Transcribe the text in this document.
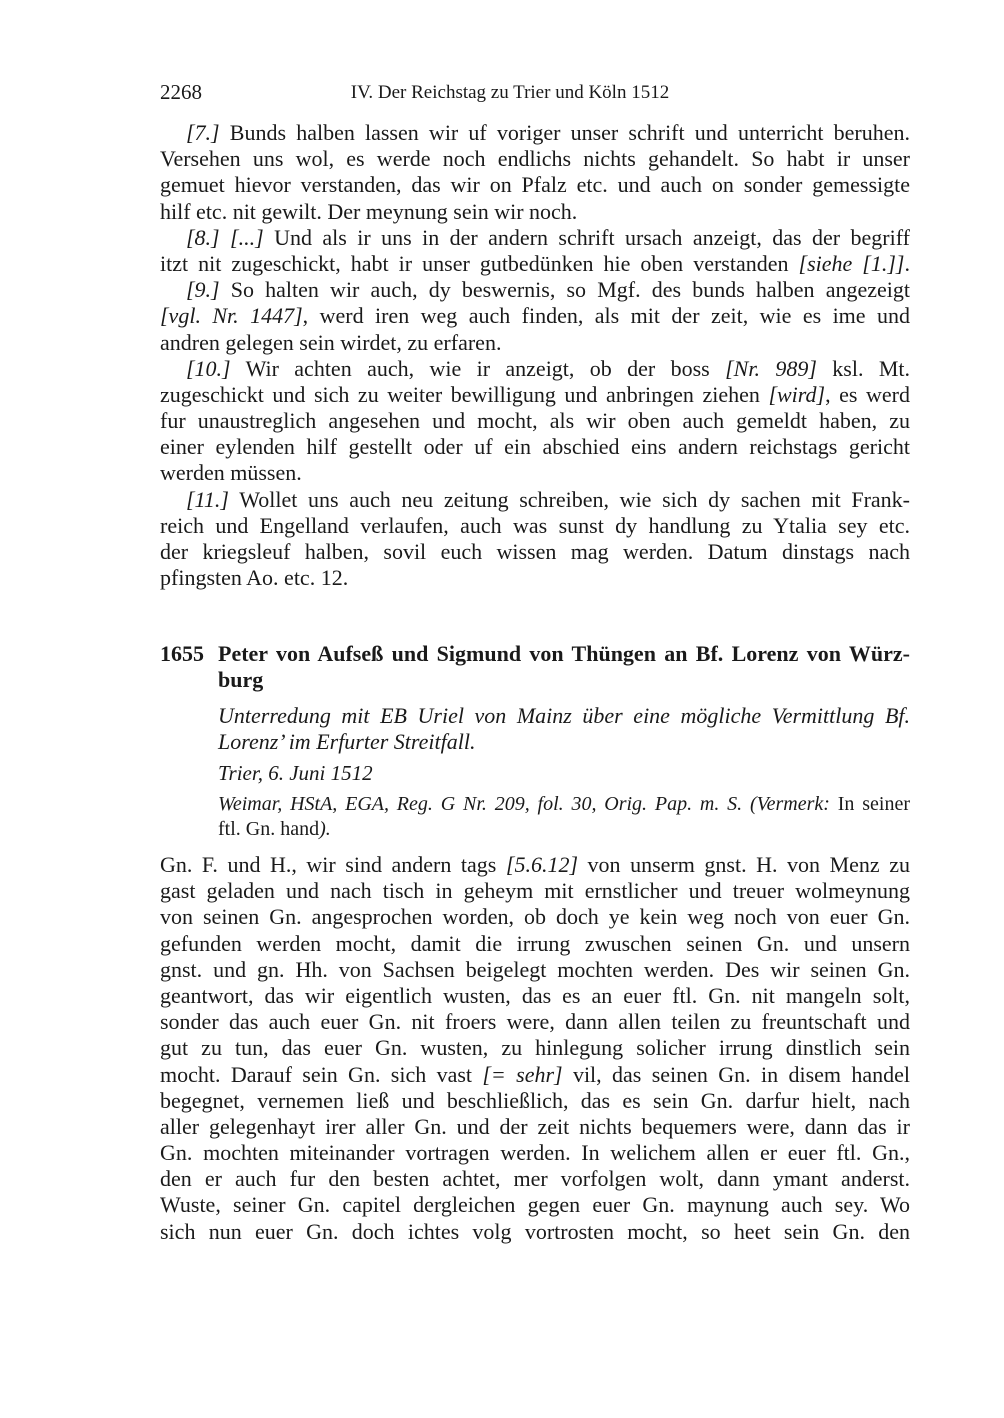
2268	IV. Der Reichstag zu Trier und Köln 1512
[7.] Bunds halben lassen wir uf voriger unser schrift und unterricht beruhen.
Versehen uns wol, es werde noch endlichs nichts gehandelt. So habt ir unser
gemuet hievor verstanden, das wir on Pfalz etc. und auch on sonder gemessigte
hilf etc. nit gewilt. Der meynung sein wir noch.
[8.] [...] Und als ir uns in der andern schrift ursach anzeigt, das der begriff
itzt nit zugeschickt, habt ir unser gutbedünken hie oben verstanden [siehe [1.]].
[9.] So halten wir auch, dy beswernis, so Mgf. des bunds halben angezeigt
[vgl. Nr. 1447], werd iren weg auch finden, als mit der zeit, wie es ime und
andren gelegen sein wirdet, zu erfaren.
[10.] Wir achten auch, wie ir anzeigt, ob der boss [Nr. 989] ksl. Mt.
zugeschickt und sich zu weiter bewilligung und anbringen ziehen [wird], es werd
fur unaustreglich angesehen und mocht, als wir oben auch gemeldt haben, zu
einer eylenden hilf gestellt oder uf ein abschied eins andern reichstags gericht
werden müssen.
[11.] Wollet uns auch neu zeitung schreiben, wie sich dy sachen mit Frank-
reich und Engelland verlaufen, auch was sunst dy handlung zu Ytalia sey etc.
der kriegsleuf halben, sovil euch wissen mag werden. Datum dinstags nach
pfingsten Ao. etc. 12.
1655 Peter von Aufseß und Sigmund von Thüngen an Bf. Lorenz von Würz-
burg
Unterredung mit EB Uriel von Mainz über eine mögliche Vermittlung Bf.
Lorenz’ im Erfurter Streitfall.
Trier, 6. Juni 1512
Weimar, HStA, EGA, Reg. G Nr. 209, fol. 30, Orig. Pap. m. S. (Vermerk: In seiner
ftl. Gn. hand).
Gn. F. und H., wir sind andern tags [5.6.12] von unserm gnst. H. von Menz zu
gast geladen und nach tisch in geheym mit ernstlicher und treuer wolmeynung
von seinen Gn. angesprochen worden, ob doch ye kein weg noch von euer Gn.
gefunden werden mocht, damit die irrung zwuschen seinen Gn. und unsern
gnst. und gn. Hh. von Sachsen beigelegt mochten werden. Des wir seinen Gn.
geantwort, das wir eigentlich wusten, das es an euer ftl. Gn. nit mangeln solt,
sonder das auch euer Gn. nit froers were, dann allen teilen zu freuntschaft und
gut zu tun, das euer Gn. wusten, zu hinlegung solicher irrung dinstlich sein
mocht. Darauf sein Gn. sich vast [= sehr] vil, das seinen Gn. in disem handel
begegnet, vernemen ließ und beschließlich, das es sein Gn. darfur hielt, nach
aller gelegenhayt irer aller Gn. und der zeit nichts bequemers were, dann das ir
Gn. mochten miteinander vortragen werden. In welichem allen er euer ftl. Gn.,
den er auch fur den besten achtet, mer vorfolgen wolt, dann ymant anderst.
Wuste, seiner Gn. capitel dergleichen gegen euer Gn. maynung auch sey. Wo
sich nun euer Gn. doch ichtes volg vortrosten mocht, so heet sein Gn. den
